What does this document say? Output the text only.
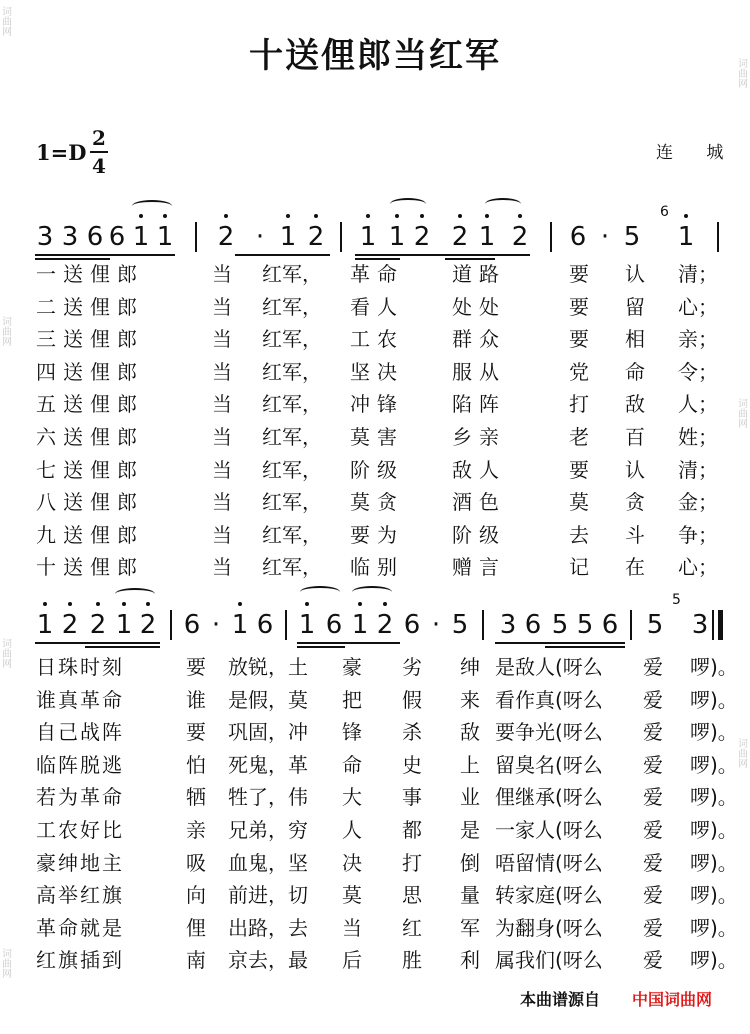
词曲网
词曲网
词曲网
词曲网
词曲网
词曲网
词曲网
十送俚郎当红军
1=D
2
4
连 城
3 3 6 6 1	2 1 2 1 1 2 2 1 2 6 5 1
·	·
1
6
一送俚郎	当 红军， 革命 道路	要 认 清；
二送俚郎	当 红军， 看人 处处	要 留 心；
三送俚郎	当 红军， 工农 群众	要 相 亲；
四送俚郎	当 红军， 坚决 服从	党 命 令；
五送俚郎	当 红军， 冲锋 陷阵	打 敌 人；
六送俚郎	当 红军， 莫害 乡亲	老 百 姓；
七送俚郎	当 红军， 阶级 敌人	要 认 清；
八送俚郎	当 红军， 莫贪 酒色	莫 贪 金；
九送俚郎	当 红军， 要为 阶级	去 斗 争；
十送俚郎	当 红军， 临别 赠言	记 在 心；
1 2 2 1 2 6 1 6 1 6 1 2 6 5 3 6 5 5 6 5 3
·	·
5
日珠时刻	要 放锐，土 豪 劣 绅 是敌人(呀么 爱 啰)。
谁真革命	谁 是假，莫 把 假 来 看作真(呀么 爱 啰)。
自己战阵	要 巩固，冲 锋 杀 敌 要争光(呀么 爱 啰)。
临阵脱逃	怕 死鬼，革 命 史 上 留臭名(呀么 爱 啰)。
若为革命	牺 牲了，伟 大 事 业 俚继承(呀么 爱 啰)。
工农好比	亲 兄弟，穷 人 都 是 一家人(呀么 爱 啰)。
豪绅地主	吸 血鬼，坚 决 打 倒 唔留情(呀么 爱 啰)。
高举红旗	向 前进，切 莫 思 量 转家庭(呀么 爱 啰)。
革命就是	俚 出路，去 当 红 军 为翻身(呀么 爱 啰)。
红旗插到	南 京去，最 后 胜 利 属我们(呀么 爱 啰)。
本曲谱源自 中国词曲网
